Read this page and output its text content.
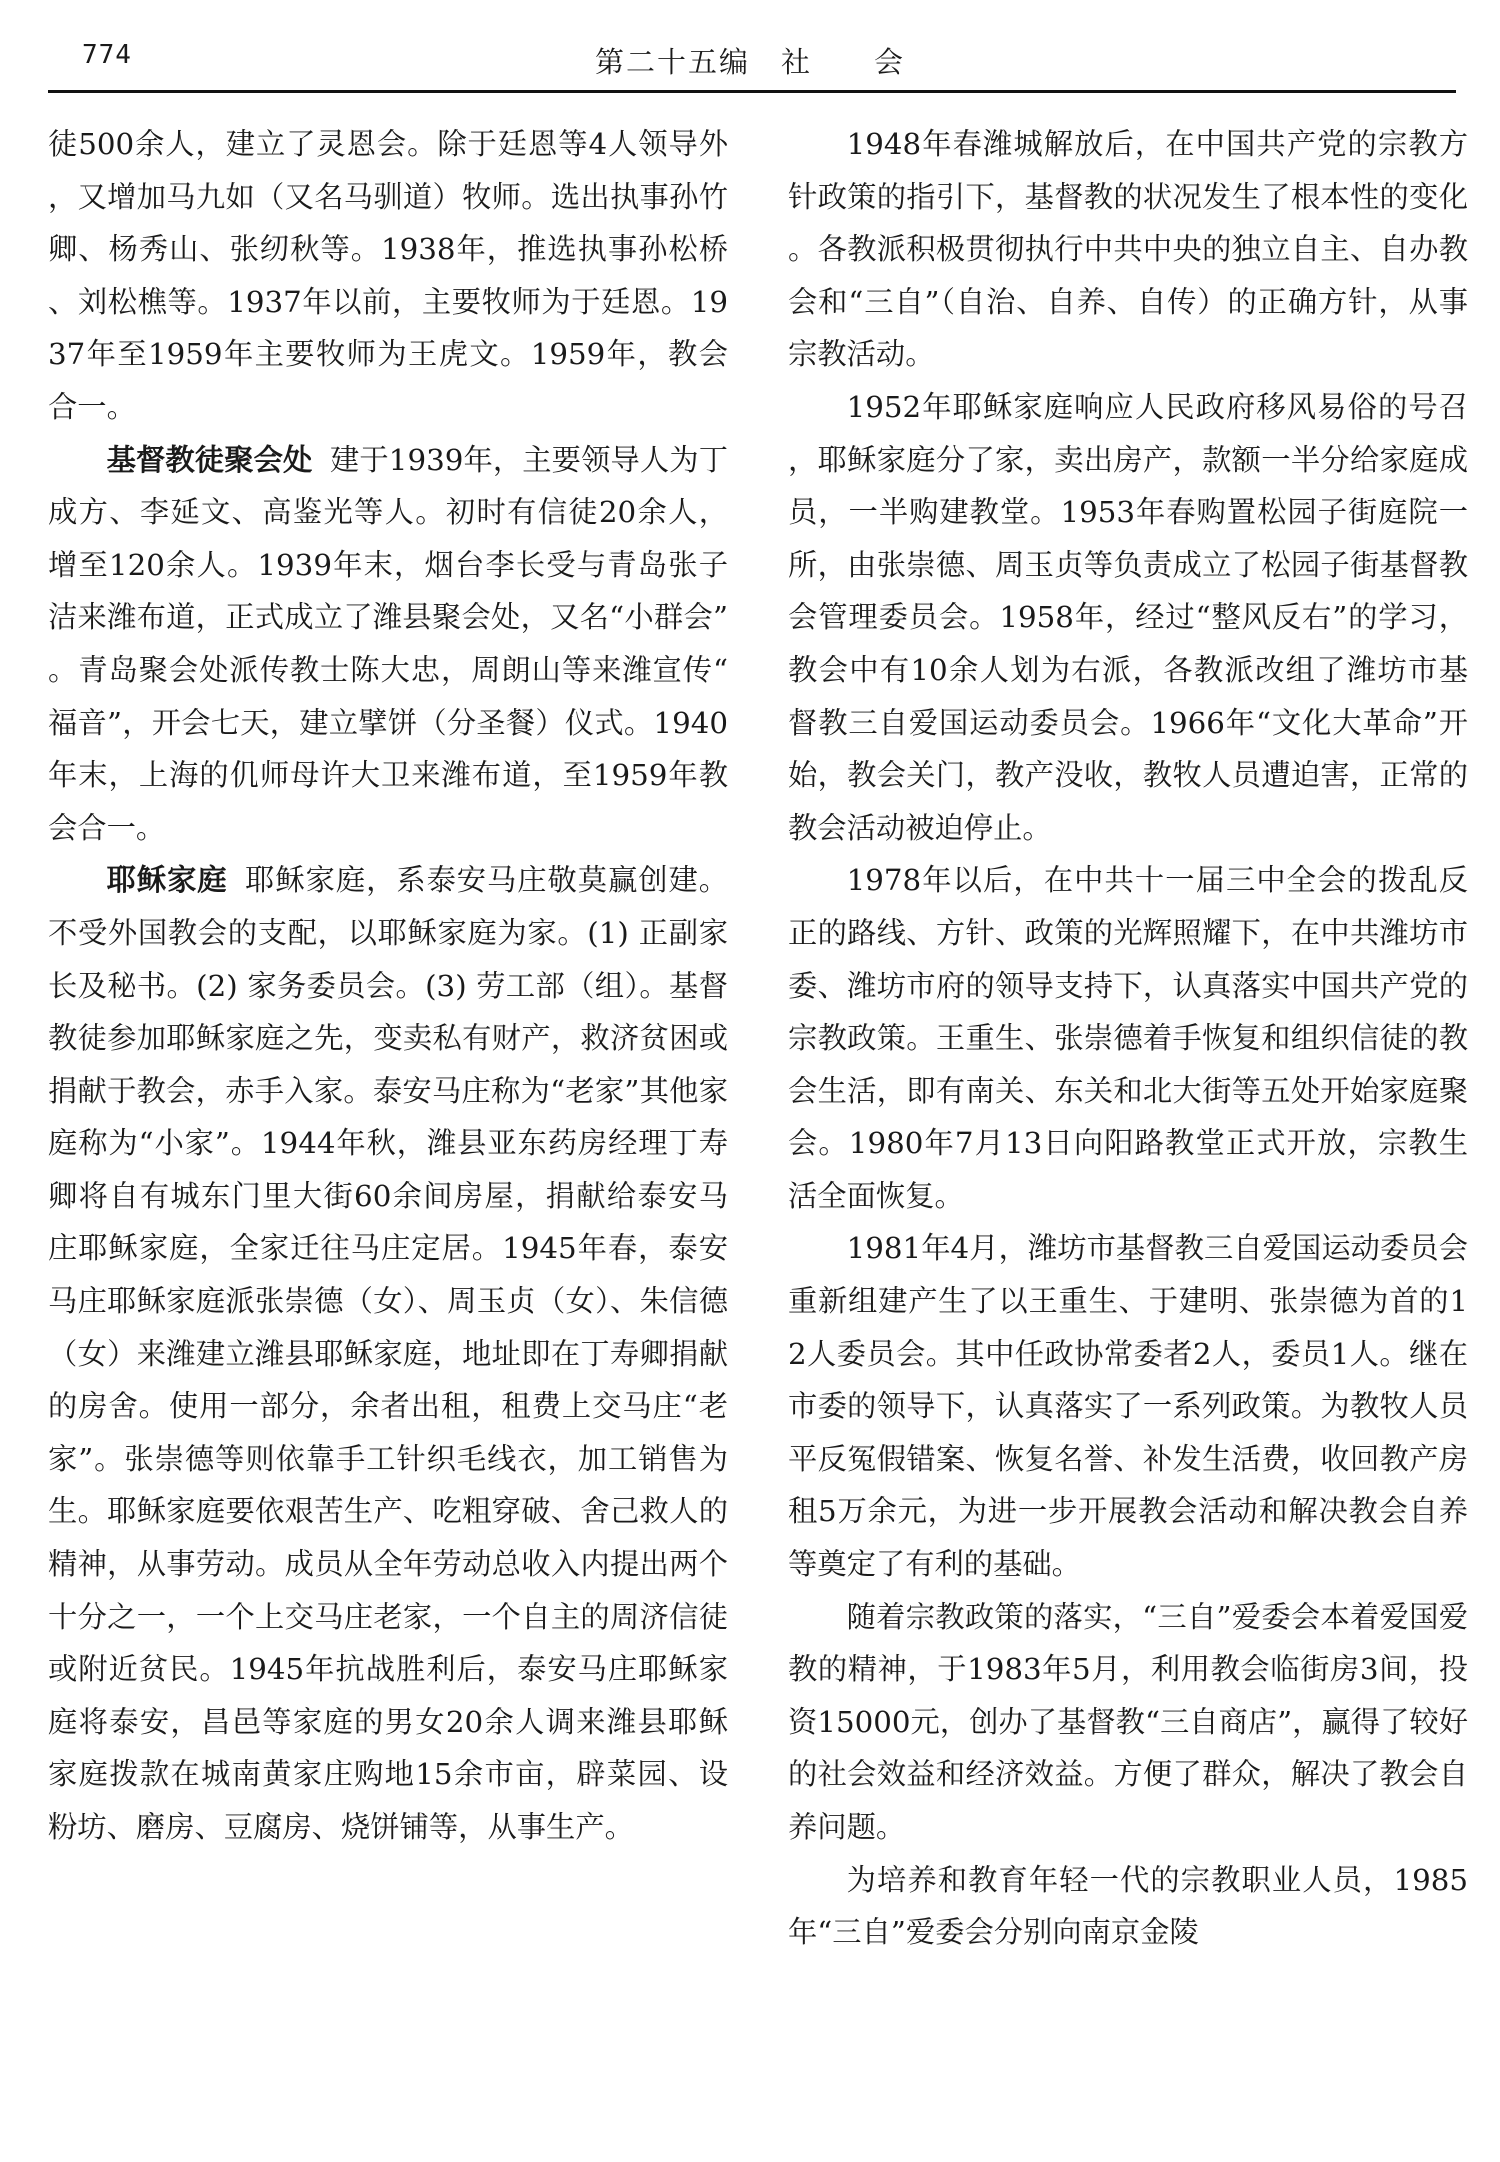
774	第二十五编　社　　会

徒500余人，建立了灵恩会。除于廷恩等4人领导外，又增加马九如（又名马驯道）牧师。选出执事孙竹卿、杨秀山、张纫秋等。1938年，推选执事孙松桥、刘松樵等。1937年以前，主要牧师为于廷恩。1937年至1959年主要牧师为王虎文。1959年，教会合一。

基督教徒聚会处 建于1939年，主要领导人为丁成方、李延文、高鉴光等人。初时有信徒20余人，增至120余人。1939年末，烟台李长受与青岛张子洁来潍布道，正式成立了潍县聚会处，又名“小群会”。青岛聚会处派传教士陈大忠，周朗山等来潍宣传“福音”，开会七天，建立擘饼（分圣餐）仪式。1940年末，上海的仉师母许大卫来潍布道，至1959年教会合一。

耶稣家庭 耶稣家庭，系泰安马庄敬莫赢创建。不受外国教会的支配，以耶稣家庭为家。(1) 正副家长及秘书。(2) 家务委员会。(3) 劳工部（组）。基督教徒参加耶稣家庭之先，变卖私有财产，救济贫困或捐献于教会，赤手入家。泰安马庄称为“老家”其他家庭称为“小家”。1944年秋，潍县亚东药房经理丁寿卿将自有城东门里大街60余间房屋，捐献给泰安马庄耶稣家庭，全家迁往马庄定居。1945年春，泰安马庄耶稣家庭派张崇德（女）、周玉贞（女）、朱信德（女）来潍建立潍县耶稣家庭，地址即在丁寿卿捐献的房舍。使用一部分，余者出租，租费上交马庄“老家”。张崇德等则依靠手工针织毛线衣，加工销售为生。耶稣家庭要依艰苦生产、吃粗穿破、舍己救人的精神，从事劳动。成员从全年劳动总收入内提出两个十分之一，一个上交马庄老家，一个自主的周济信徒或附近贫民。1945年抗战胜利后，泰安马庄耶稣家庭将泰安，昌邑等家庭的男女20余人调来潍县耶稣家庭拨款在城南黄家庄购地15余市亩，辟菜园、设粉坊、磨房、豆腐房、烧饼铺等，从事生产。

1948年春潍城解放后，在中国共产党的宗教方针政策的指引下，基督教的状况发生了根本性的变化。各教派积极贯彻执行中共中央的独立自主、自办教会和“三自”（自治、自养、自传）的正确方针，从事宗教活动。

1952年耶稣家庭响应人民政府移风易俗的号召，耶稣家庭分了家，卖出房产，款额一半分给家庭成员，一半购建教堂。1953年春购置松园子街庭院一所，由张崇德、周玉贞等负责成立了松园子街基督教会管理委员会。1958年，经过“整风反右”的学习，教会中有10余人划为右派，各教派改组了潍坊市基督教三自爱国运动委员会。1966年“文化大革命”开始，教会关门，教产没收，教牧人员遭迫害，正常的教会活动被迫停止。

1978年以后，在中共十一届三中全会的拨乱反正的路线、方针、政策的光辉照耀下，在中共潍坊市委、潍坊市府的领导支持下，认真落实中国共产党的宗教政策。王重生、张崇德着手恢复和组织信徒的教会生活，即有南关、东关和北大街等五处开始家庭聚会。1980年7月13日向阳路教堂正式开放，宗教生活全面恢复。

1981年4月，潍坊市基督教三自爱国运动委员会重新组建产生了以王重生、于建明、张崇德为首的12人委员会。其中任政协常委者2人，委员1人。继在市委的领导下，认真落实了一系列政策。为教牧人员平反冤假错案、恢复名誉、补发生活费，收回教产房租5万余元，为进一步开展教会活动和解决教会自养等奠定了有利的基础。

随着宗教政策的落实，“三自”爱委会本着爱国爱教的精神，于1983年5月，利用教会临街房3间，投资15000元，创办了基督教“三自商店”，赢得了较好的社会效益和经济效益。方便了群众，解决了教会自养问题。

为培养和教育年轻一代的宗教职业人员，1985年“三自”爱委会分别向南京金陵
